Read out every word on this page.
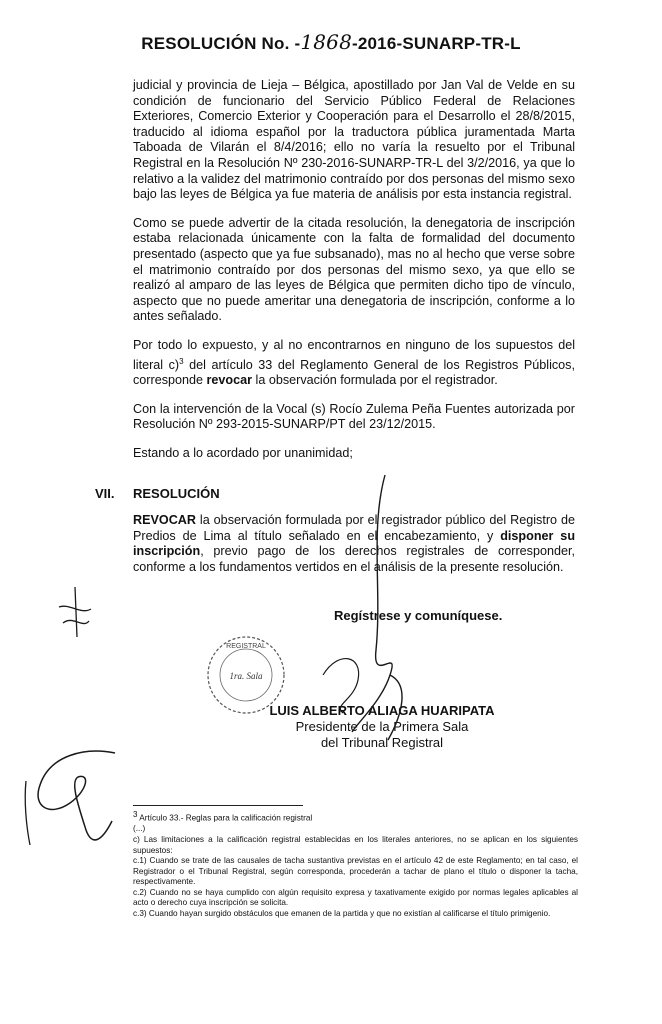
RESOLUCIÓN No. -1868-2016-SUNARP-TR-L

judicial y provincia de Lieja – Bélgica, apostillado por Jan Val de Velde en su condición de funcionario del Servicio Público Federal de Relaciones Exteriores, Comercio Exterior y Cooperación para el Desarrollo el 28/8/2015, traducido al idioma español por la traductora pública juramentada Marta Taboada de Vilarán el 8/4/2016; ello no varía la resuelto por el Tribunal Registral en la Resolución Nº 230-2016-SUNARP-TR-L del 3/2/2016, ya que lo relativo a la validez del matrimonio contraído por dos personas del mismo sexo bajo las leyes de Bélgica ya fue materia de análisis por esta instancia registral.

Como se puede advertir de la citada resolución, la denegatoria de inscripción estaba relacionada únicamente con la falta de formalidad del documento presentado (aspecto que ya fue subsanado), mas no al hecho que verse sobre el matrimonio contraído por dos personas del mismo sexo, ya que ello se realizó al amparo de las leyes de Bélgica que permiten dicho tipo de vínculo, aspecto que no puede ameritar una denegatoria de inscripción, conforme a lo antes señalado.

Por todo lo expuesto, y al no encontrarnos en ninguno de los supuestos del literal c)$^3$ del artículo 33 del Reglamento General de los Registros Públicos, corresponde revocar la observación formulada por el registrador.

Con la intervención de la Vocal (s) Rocío Zulema Peña Fuentes autorizada por Resolución Nº 293-2015-SUNARP/PT del 23/12/2015.

Estando a lo acordado por unanimidad;

VII. RESOLUCIÓN
REVOCAR la observación formulada por el registrador público del Registro de Predios de Lima al título señalado en el encabezamiento, y disponer su inscripción, previo pago de los derechos registrales de corresponder, conforme a los fundamentos vertidos en el análisis de la presente resolución.
Regístrese y comuníquese.
REGISTRAL
1ra. Sala
LUIS ALBERTO ALIAGA HUARIPATA
Presidente de la Primera Sala
del Tribunal Registral

$^3$ Artículo 33.- Reglas para la calificación registral

(...)

c) Las limitaciones a la calificación registral establecidas en los literales anteriores, no se aplican en los siguientes supuestos:

c.1) Cuando se trate de las causales de tacha sustantiva previstas en el artículo 42 de este Reglamento; en tal caso, el Registrador o el Tribunal Registral, según corresponda, procederán a tachar de plano el título o disponer la tacha, respectivamente.

c.2) Cuando no se haya cumplido con algún requisito expresa y taxativamente exigido por normas legales aplicables al acto o derecho cuya inscripción se solicita.

c.3) Cuando hayan surgido obstáculos que emanen de la partida y que no existían al calificarse el título primigenio.
